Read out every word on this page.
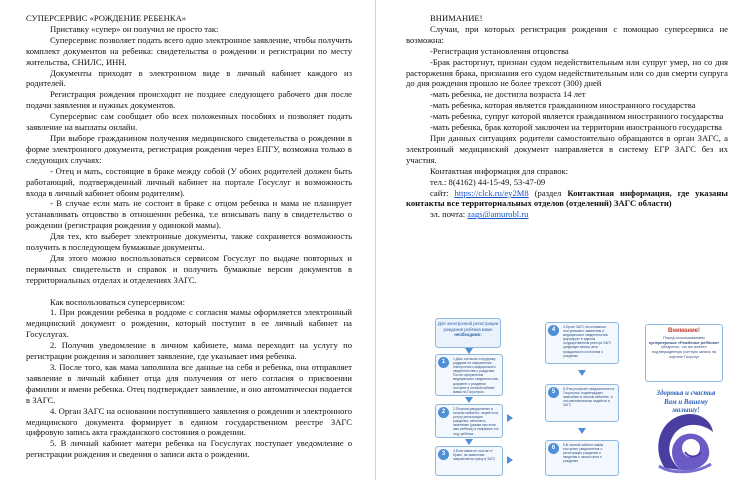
СУПЕРСЕРВИС «РОЖДЕНИЕ РЕБЕНКА»

Приставку «супер» он получил не просто так:

Суперсервис позволяет подать всего одно электронное заявление, чтобы получить комплект документов на ребенка: свидетельства о рождении и регистрации по месту жительства, СНИЛС, ИНН.

Документы приходят в электронном виде в личный кабинет каждого из родителей.

Регистрация рождения происходит не позднее следующего рабочего дня после подачи заявления и нужных документов.

Суперсервис сам сообщает обо всех положенных пособиях и позволяет подать заявление на выплаты онлайн.

При выборе гражданином получения медицинского свидетельства о рождении в форме электронного документа, регистрация рождения через ЕПГУ, возможна только в следующих случаях:

- Отец и мать, состоящие в браке между собой (У обоих родителей должен быть работающий, подтвержденный личный кабинет на портале Госуслуг и возможность входа в личный кабинет обоим родителям).

- В случае если мать не состоит в браке с отцом ребенка и мама не планирует устанавливать отцовство в отношении ребенка, т.е вписывать папу в свидетельство о рождении (регистрация рождения у одинокой мамы).

Для тех, кто выберет электронные документы, также сохраняется возможность получить в последующем бумажные документы.

Для этого можно воспользоваться сервисом Госуслуг по выдаче повторных и первичных свидетельств и справок и получить бумажные версии документов в территориальных отделах и отделениях ЗАГС.

Как воспользоваться суперсервисом:

1. При рождении ребенка в роддоме с согласия мамы оформляется электронный медицинский документ о рождении, который поступит в ее личный кабинет на Госуслугах.

2. Получив уведомление в личном кабинете, мама переходит на услугу по регистрации рождения и заполняет заявление, где указывает имя ребенка.

3. После того, как мама заполнила все данные на себя и ребенка, она отправляет заявление в личный кабинет отца для получения от него согласия о присвоении фамилии и имени ребенка. Отец подтверждает заявление, и оно автоматически подается в ЗАГС.

4. Орган ЗАГС на основании поступившего заявления о рождении и электронного медицинского документа формирует в едином государственном реестре ЗАГС цифровую запись акта гражданского состояния о рождении.

5. В личный кабинет матери ребенка на Госуслугах поступает уведомление о регистрации рождения и сведения о записи акта о рождении.

ВНИМАНИЕ!

Случаи, при которых регистрация рождения с помощью суперсервиса не возможна:

-Регистрация установления отцовства

-Брак расторгнут, признан судом недействительным или супруг умер, но со дня расторжения брака, признания его судом недействительным или со дня смерти супруга до дня рождения прошло не более трехсот (300) дней

-мать ребенка, не достигла возраста 14 лет

-мать ребенка, которая является гражданином иностранного государства

-мать ребенка, супруг которой является гражданином иностранного государства

-мать ребенка, брак которой заключен на территории иностранного государства

При данных ситуациях родители самостоятельно обращаются в орган ЗАГС, а электронный медицинский документ направляется в систему ЕГР ЗАГС без их участия.

Контактная информация для справок:

тел.: 8(4162) 44-15-49, 53-47-09

сайт: https://clck.ru/ey2M8 (раздел Контактная информация, где указаны контакты все территориальных отделов (отделений) ЗАГС области)

эл. почта: zags@amurobl.ru

Для электронной регистрации рождения ребёнка маме
необходимо:
1	1.Дать согласие сотруднику роддома на оформление электронного медицинского свидетельства о рождении. После оформления медицинского свидетельства, документ о рождении поступит в личный кабинет мамы на Госуслугах
2	2.Получив уведомление в личном кабинете, перейти на услугу регистрации рождения, заполнить заявление (указав при этом имя ребёнка) и направить его отцу ребёнка
3	3.Если мама не состоит в браке, на заявлении направляется сразу в ЗАГС
4	4.Орган ЗАГС на основании поступившего заявления и медицинского свидетельства формирует в едином государственном реестре ЗАГС цифровую запись акта гражданского состояния о рождении
5	5.Отец получает уведомление на Госуслугах, подтверждает заявление в личном кабинете, и оно автоматически подаётся в ЗАГС
6	6.В личный кабинет мамы поступает уведомление о регистрации рождения и сведения о записи акта о рождении
Внимание!
Перед использованием
суперсервиса «Рождение ребёнка»
убедитесь, что вы имеете подтверждённую учётную запись на портале Госуслуг
Здоровья и счастья
Вам и Вашему малышу!
